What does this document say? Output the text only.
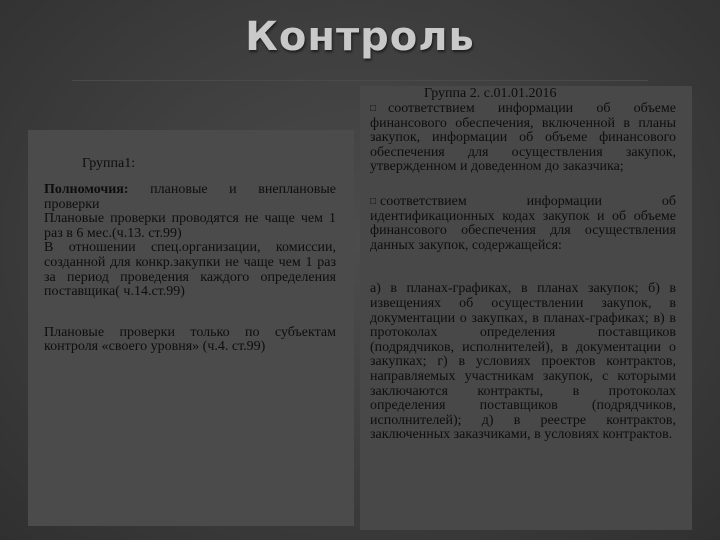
Контроль
Группа1:

Полномочия: плановые и внеплановые проверки

Плановые проверки проводятся не чаще чем 1 раз в 6 мес.(ч.13. ст.99)

В отношении спец.организации, комиссии, созданной для конкр.закупки не чаще чем 1 раз за период проведения каждого определения поставщика( ч.14.ст.99)

Плановые проверки только по субъектам контроля «своего уровня» (ч.4. ст.99)

Группа 2. с.01.01.2016

□ соответствием информации об объеме финансового обеспечения, включенной в планы закупок, информации об объеме финансового обеспечения для осуществления закупок, утвержденном и доведенном до заказчика;

□ соответствием информации об идентификационных кодах закупок и об объеме финансового обеспечения для осуществления данных закупок, содержащейся:

а) в планах-графиках, в планах закупок; б) в извещениях об осуществлении закупок, в документации о закупках, в планах-графиках; в) в протоколах определения поставщиков (подрядчиков, исполнителей), в документации о закупках; г) в условиях проектов контрактов, направляемых участникам закупок, с которыми заключаются контракты, в протоколах определения поставщиков (подрядчиков, исполнителей); д) в реестре контрактов, заключенных заказчиками, в условиях контрактов.
